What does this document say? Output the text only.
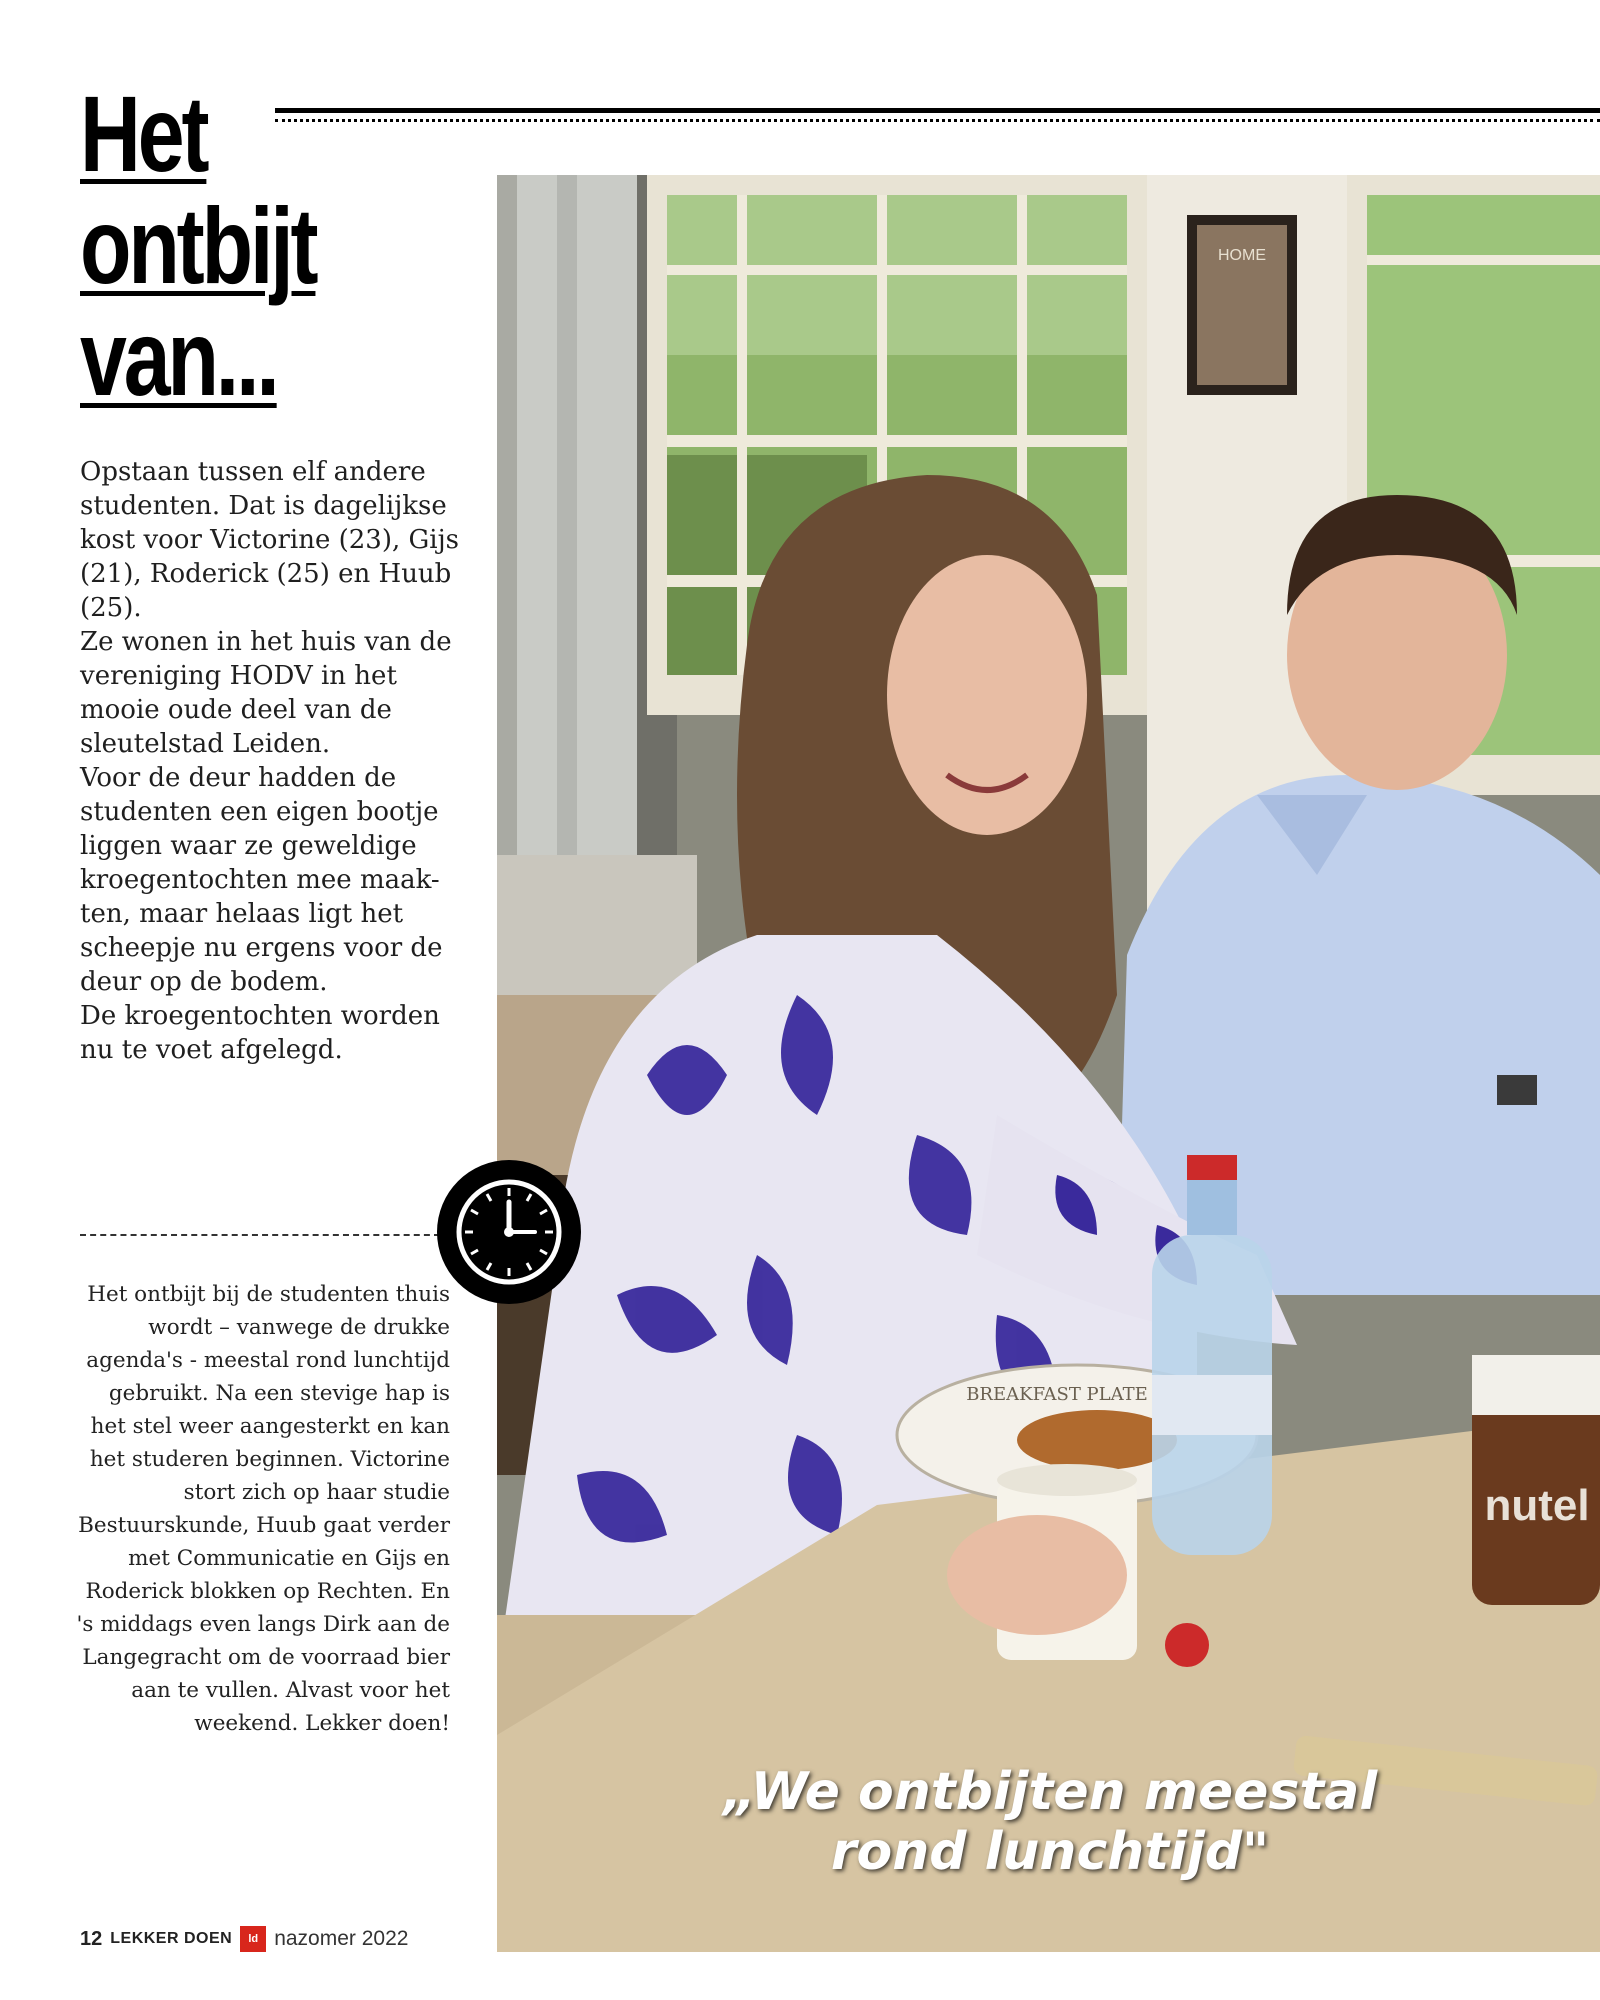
Het
ontbijt
van...

Opstaan tussen elf andere studenten. Dat is dagelijkse kost voor Victorine (23), Gijs (21), Roderick (25) en Huub (25).

Ze wonen in het huis van de vereniging HODV in het mooie oude deel van de sleutelstad Leiden.

Voor de deur hadden de studenten een eigen bootje liggen waar ze geweldige kroegentochten mee maak-ten, maar helaas ligt het scheepje nu ergens voor de deur op de bodem.

De kroegentochten worden nu te voet afgelegd.

HOME
BREAKFAST PLATE
nutel
„We ontbijten meestal
rond lunchtijd"

Het ontbijt bij de studenten thuis wordt – vanwege de drukke agenda's - meestal rond lunchtijd gebruikt. Na een stevige hap is het stel weer aangesterkt en kan het studeren beginnen. Victorine stort zich op haar studie Bestuurskunde, Huub gaat verder met Communicatie en Gijs en Roderick blokken op Rechten. En 's middags even langs Dirk aan de Langegracht om de voorraad bier aan te vullen. Alvast voor het weekend. Lekker doen!

12 LEKKER DOEN	ld nazomer 2022
